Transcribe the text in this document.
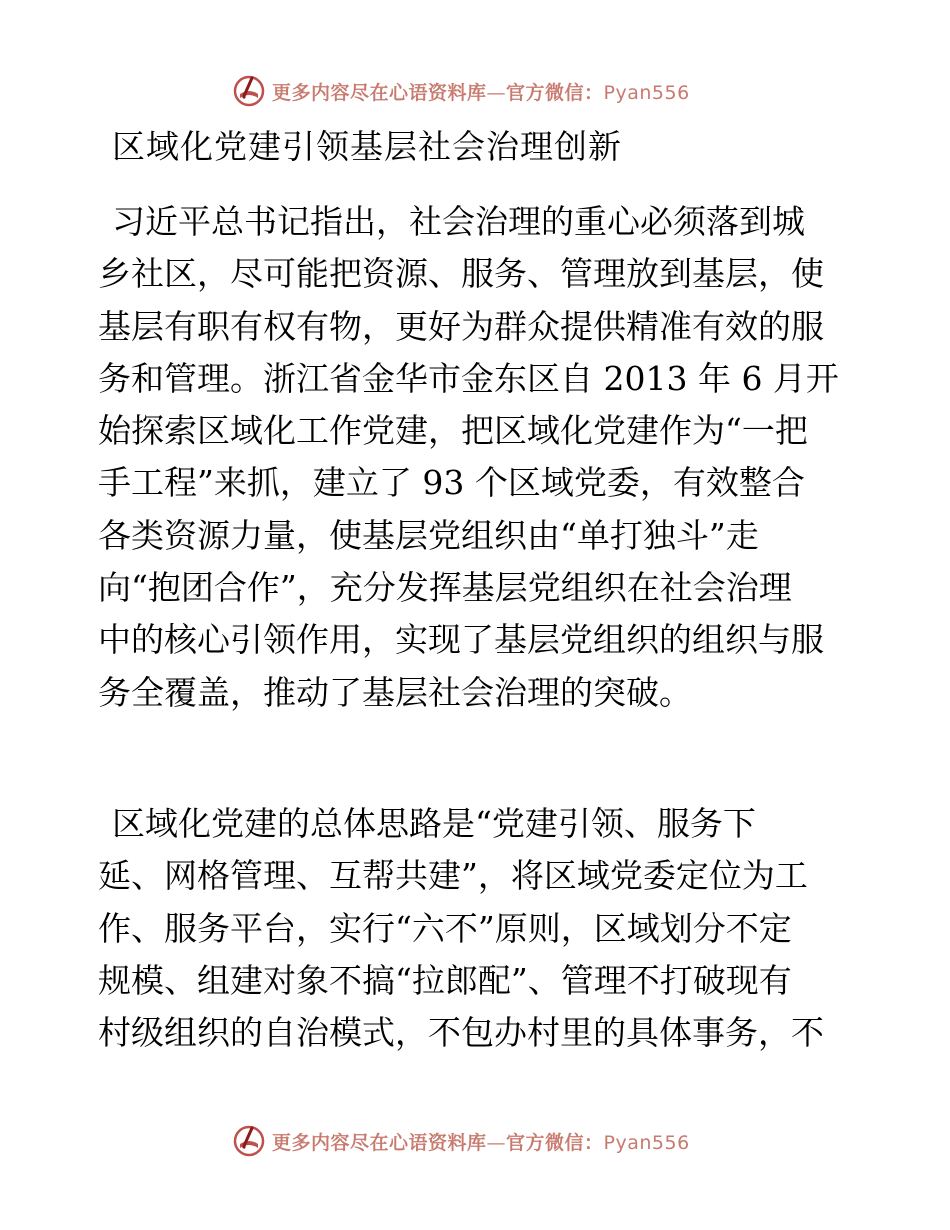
更多内容尽在心语资料库—官方微信：Pyan556
区域化党建引领基层社会治理创新
习近平总书记指出，社会治理的重心必须落到城
乡社区，尽可能把资源、服务、管理放到基层，使
基层有职有权有物，更好为群众提供精准有效的服
务和管理。浙江省金华市金东区自 2013 年 6 月开
始探索区域化工作党建，把区域化党建作为“一把
手工程”来抓，建立了 93 个区域党委，有效整合
各类资源力量，使基层党组织由“单打独斗”走
向“抱团合作”，充分发挥基层党组织在社会治理
中的核心引领作用，实现了基层党组织的组织与服
务全覆盖，推动了基层社会治理的突破。
区域化党建的总体思路是“党建引领、服务下
延、网格管理、互帮共建”，将区域党委定位为工
作、服务平台，实行“六不”原则，区域划分不定
规模、组建对象不搞“拉郎配”、管理不打破现有
村级组织的自治模式，不包办村里的具体事务，不
更多内容尽在心语资料库—官方微信：Pyan556
